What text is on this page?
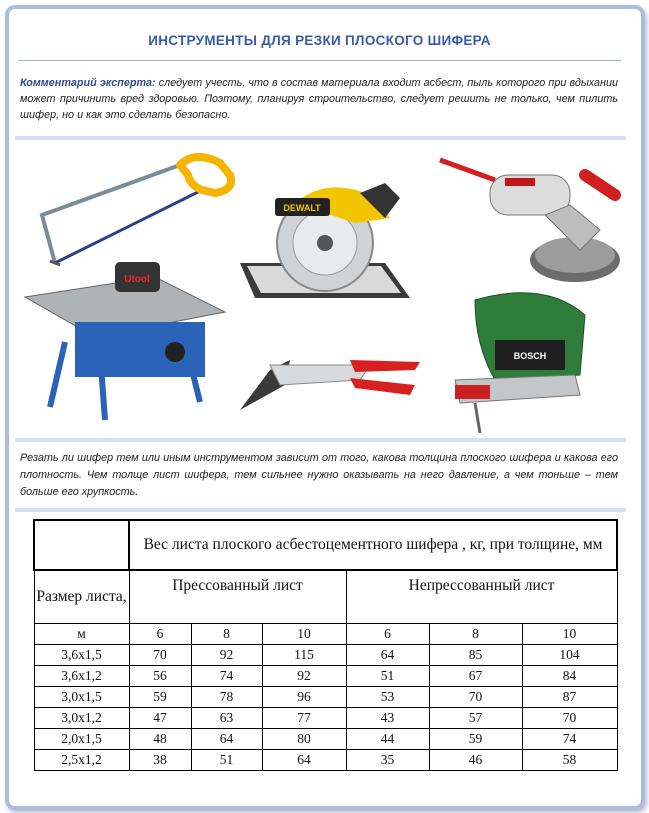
ИНСТРУМЕНТЫ ДЛЯ РЕЗКИ ПЛОСКОГО ШИФЕРА
Комментарий эксперта: следует учесть, что в состав материала входит асбест, пыль которого при вдыхании может причинить вред здоровью. Поэтому, планируя строительство, следует решить не только, чем пилить шифер, но и как это сделать безопасно.
DEWALT
Utool
BOSCH
Резать ли шифер тем или иным инструментом зависит от того, какова толщина плоского шифера и какова его плотность. Чем толще лист шифера, тем сильнее нужно оказывать на него давление, а чем тоньше – тем больше его хрупкость.
	Вес листа плоского асбестоцементного шифера , кг, при толщине, мм					
Размер листа,	Прессованный лист			Непрессованный лист		

м	6	8	10	6	8	10
3,6х1,5	70	92	115	64	85	104
3,6х1,2	56	74	92	51	67	84
3,0х1,5	59	78	96	53	70	87
3,0х1,2	47	63	77	43	57	70
2,0х1,5	48	64	80	44	59	74
2,5х1,2	38	51	64	35	46	58
